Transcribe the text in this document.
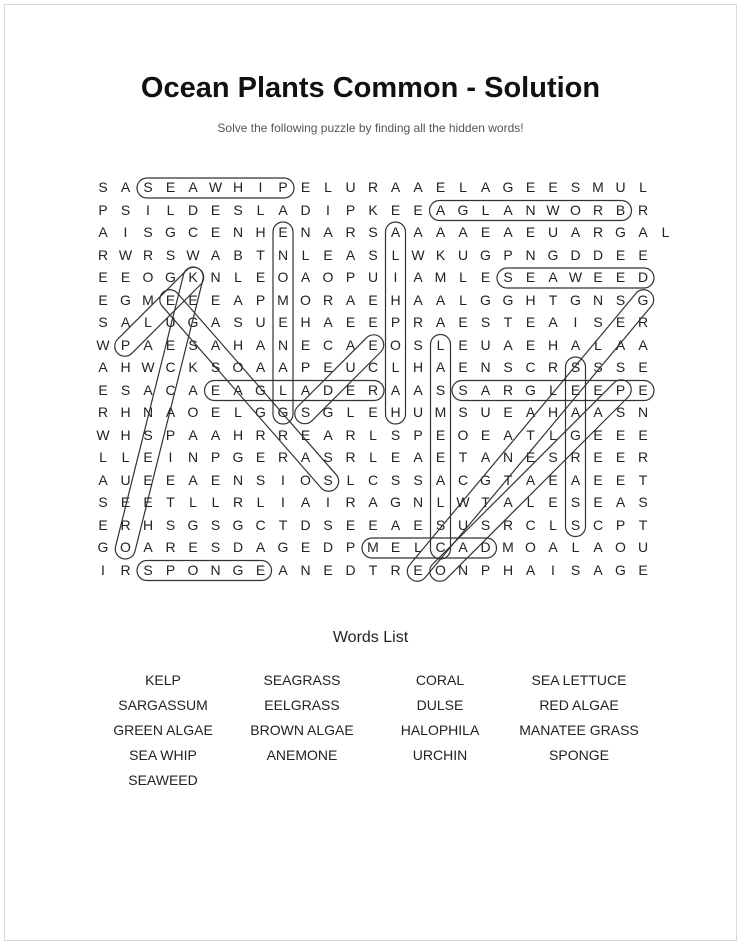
Ocean Plants Common - Solution
Solve the following puzzle by finding all the hidden words!
S A S E A W H	I	P E L U R A A E L A G E E S M U L
P S	I	L D E S L A D	I	P K E E A G L A N W O R B R
A	I	S G C E N H E N A R S A A A A E A E U A R G A L
R W R S W A B T N L E A S L W K U G P N G D D E E
E E O G K N L E O A O P U	I	A M L E S E A W E E D
E G M E E E A P M O R A E H A A L G G H T G N S G
S A L U G A S U E H A E E P R A E S T E A	I	S E R
W P A E S A H A N E C A E O S L E U A E H A L A A
A H W C K S O A A P E U C L H A E N S C R S S S E
E S A C A E A G L A D E R A A S S A R G L E E P E
R H N A O E L G G S G L E H U M S U E A H A A S N
W H S P A A H R R E A R L S P E O E A T	L G E E E
L	L E	I	N P G E R A S R L E A E T A N E S R E E R
A U E E A E N S	I	O S L C S S A C G T A E A E E T
S E E T	L	L R L	I	A	I	R A G N L W T A L E S E A S
E R H S G S G C T D S E E A E S U S R C L S C P T
G O A R E S D A G E D P M E L C A D M O A L A O U
I	R S P O N G E A N E D T R E O N P H A	I	S A G E
Words List
KELP	SEAGRASS	CORAL	SEA LETTUCE
SARGASSUM	EELGRASS	DULSE	RED ALGAE
GREEN ALGAE	BROWN ALGAE	HALOPHILA	MANATEE GRASS
SEA WHIP	ANEMONE	URCHIN	SPONGE
SEAWEED
